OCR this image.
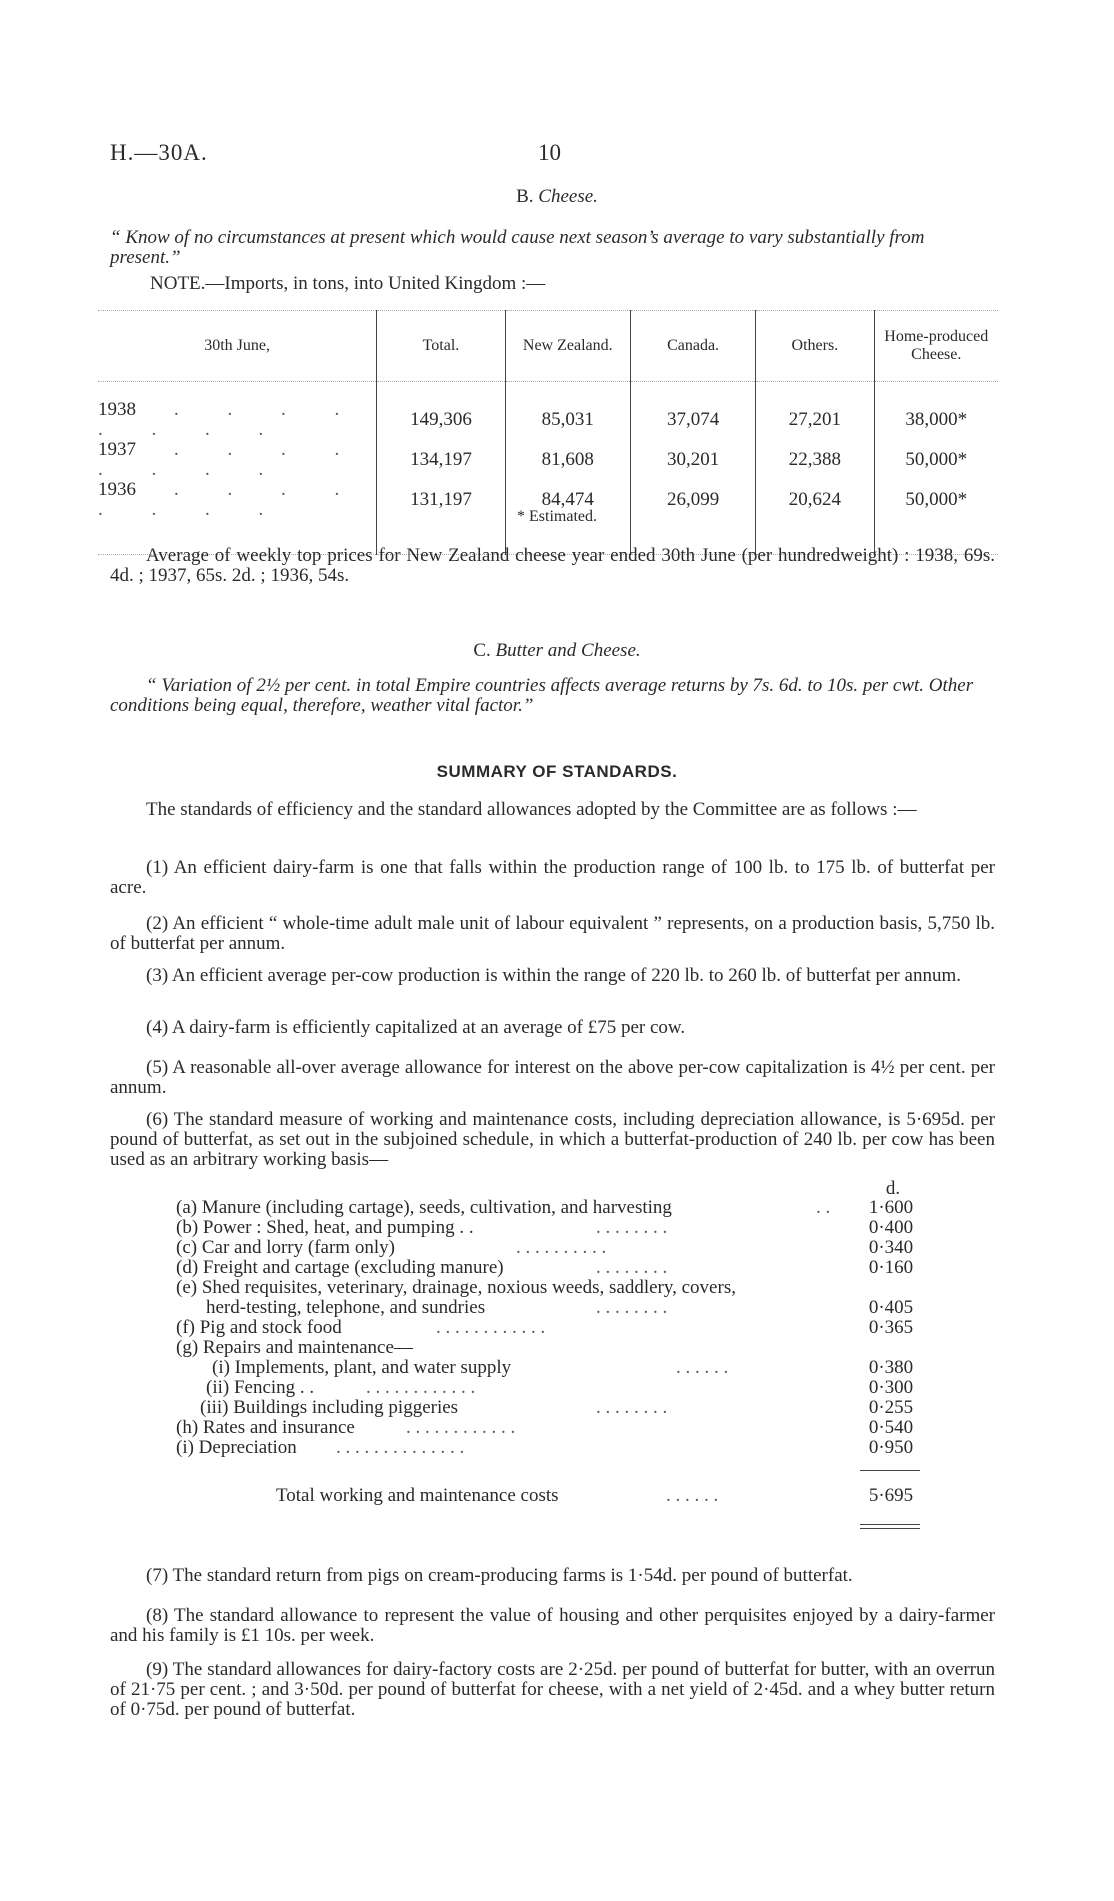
H.—30A.	10
B. Cheese.
“ Know of no circumstances at present which would cause next season’s average to vary substantially from present.”
NOTE.—Imports, in tons, into United Kingdom :—
30th June,	Total.	New Zealand.	Canada.	Others.	Home-produced Cheese.
1938 . . . . . . . .	149,306	85,031	37,074	27,201	38,000*
1937 . . . . . . . .	134,197	81,608	30,201	22,388	50,000*
1936 . . . . . . . .	131,197	84,474	26,099	20,624	50,000*
* Estimated.
Average of weekly top prices for New Zealand cheese year ended 30th June (per hundredweight) : 1938, 69s. 4d. ; 1937, 65s. 2d. ; 1936, 54s.
C. Butter and Cheese.
“ Variation of 2½ per cent. in total Empire countries affects average returns by 7s. 6d. to 10s. per cwt. Other conditions being equal, therefore, weather vital factor.”
SUMMARY OF STANDARDS.
The standards of efficiency and the standard allowances adopted by the Committee are as follows :—
(1) An efficient dairy-farm is one that falls within the production range of 100 lb. to 175 lb. of butterfat per acre.
(2) An efficient “ whole-time adult male unit of labour equivalent ” represents, on a production basis, 5,750 lb. of butterfat per annum.
(3) An efficient average per-cow production is within the range of 220 lb. to 260 lb. of butterfat per annum.
(4) A dairy-farm is efficiently capitalized at an average of £75 per cow.
(5) A reasonable all-over average allowance for interest on the above per-cow capitalization is 4½ per cent. per annum.
(6) The standard measure of working and maintenance costs, including depreciation allowance, is 5·695d. per pound of butterfat, as set out in the subjoined schedule, in which a butterfat-production of 240 lb. per cow has been used as an arbitrary working basis—
d.
(a) Manure (including cartage), seeds, cultivation, and harvesting	. .	1·600
(b) Power : Shed, heat, and pumping . .	. . . . . . . .	0·400
(c) Car and lorry (farm only)	. . . . . . . . . .	0·340
(d) Freight and cartage (excluding manure)	. . . . . . . .	0·160
(e) Shed requisites, veterinary, drainage, noxious weeds, saddlery, covers,
herd-testing, telephone, and sundries	. . . . . . . .	0·405
(f) Pig and stock food	. . . . . . . . . . . .	0·365
(g) Repairs and maintenance—
(i) Implements, plant, and water supply	. . . . . .	0·380
(ii) Fencing . .	. . . . . . . . . . . .	0·300
(iii) Buildings including piggeries	. . . . . . . .	0·255
(h) Rates and insurance	. . . . . . . . . . . .	0·540
(i) Depreciation . . . . . . . . . . . . . .	0·950
Total working and maintenance costs	. . . . . .	5·695
(7) The standard return from pigs on cream-producing farms is 1·54d. per pound of butterfat.
(8) The standard allowance to represent the value of housing and other perquisites enjoyed by a dairy-farmer and his family is £1 10s. per week.
(9) The standard allowances for dairy-factory costs are 2·25d. per pound of butterfat for butter, with an overrun of 21·75 per cent. ; and 3·50d. per pound of butterfat for cheese, with a net yield of 2·45d. and a whey butter return of 0·75d. per pound of butterfat.
